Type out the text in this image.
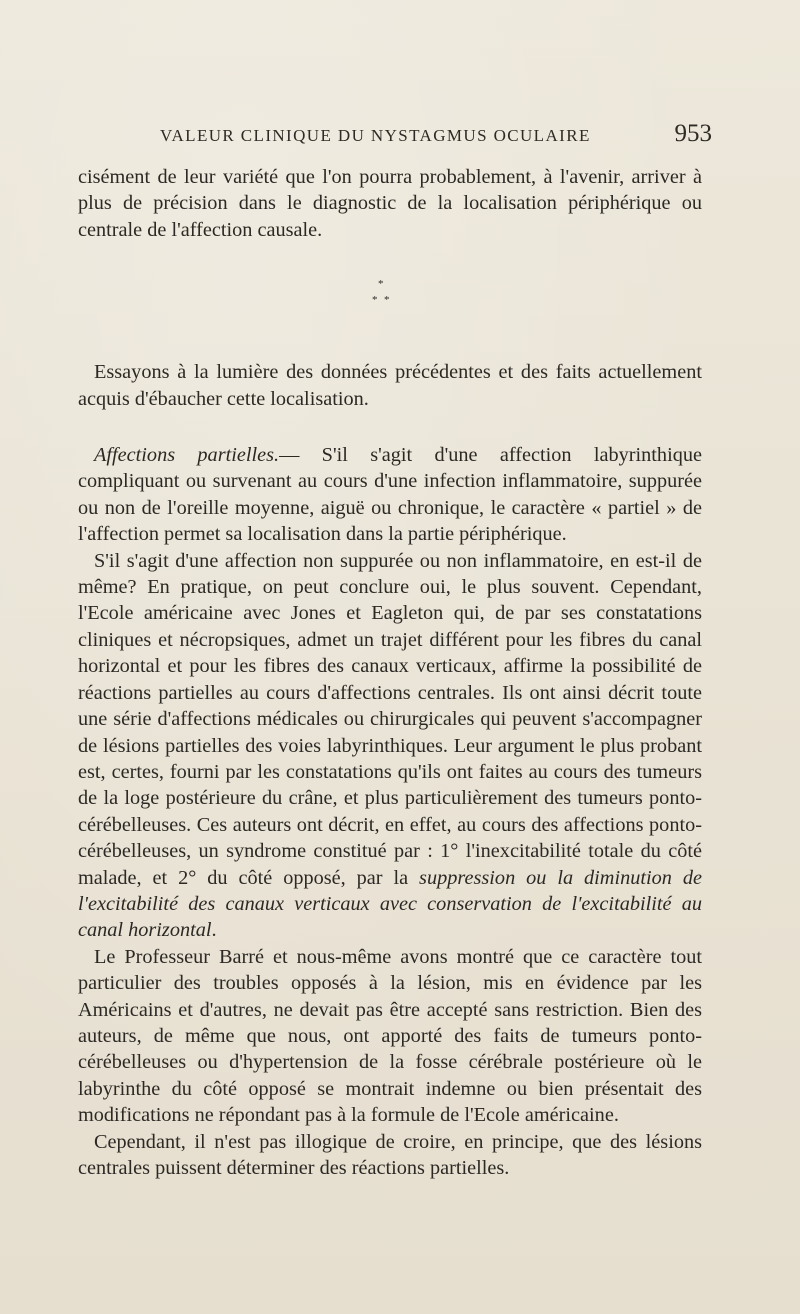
VALEUR CLINIQUE DU NYSTAGMUS OCULAIRE	953

cisément de leur variété que l'on pourra probablement, à l'avenir, arriver à plus de précision dans le diagnostic de la localisation périphérique ou centrale de l'affection causale.

*
* *

Essayons à la lumière des données précédentes et des faits actuellement acquis d'ébaucher cette localisation.

Affections partielles.— S'il s'agit d'une affection labyrinthique compliquant ou survenant au cours d'une infection inflammatoire, suppurée ou non de l'oreille moyenne, aiguë ou chronique, le caractère « partiel » de l'affection permet sa localisation dans la partie périphérique.

S'il s'agit d'une affection non suppurée ou non inflammatoire, en est-il de même? En pratique, on peut conclure oui, le plus souvent. Cependant, l'Ecole américaine avec Jones et Eagleton qui, de par ses constatations cliniques et nécropsiques, admet un trajet différent pour les fibres du canal horizontal et pour les fibres des canaux verticaux, affirme la possibilité de réactions partielles au cours d'affections centrales. Ils ont ainsi décrit toute une série d'affections médicales ou chirurgicales qui peuvent s'accompagner de lésions partielles des voies labyrinthiques. Leur argument le plus probant est, certes, fourni par les constatations qu'ils ont faites au cours des tumeurs de la loge postérieure du crâne, et plus particulièrement des tumeurs ponto-cérébelleuses. Ces auteurs ont décrit, en effet, au cours des affections ponto-cérébelleuses, un syndrome constitué par : 1° l'inexcitabilité totale du côté malade, et 2° du côté opposé, par la suppression ou la diminution de l'excitabilité des canaux verticaux avec conservation de l'excitabilité au canal horizontal.

Le Professeur Barré et nous-même avons montré que ce caractère tout particulier des troubles opposés à la lésion, mis en évidence par les Américains et d'autres, ne devait pas être accepté sans restriction. Bien des auteurs, de même que nous, ont apporté des faits de tumeurs ponto-cérébelleuses ou d'hypertension de la fosse cérébrale postérieure où le labyrinthe du côté opposé se montrait indemne ou bien présentait des modifications ne répondant pas à la formule de l'Ecole américaine.

Cependant, il n'est pas illogique de croire, en principe, que des lésions centrales puissent déterminer des réactions partielles.
